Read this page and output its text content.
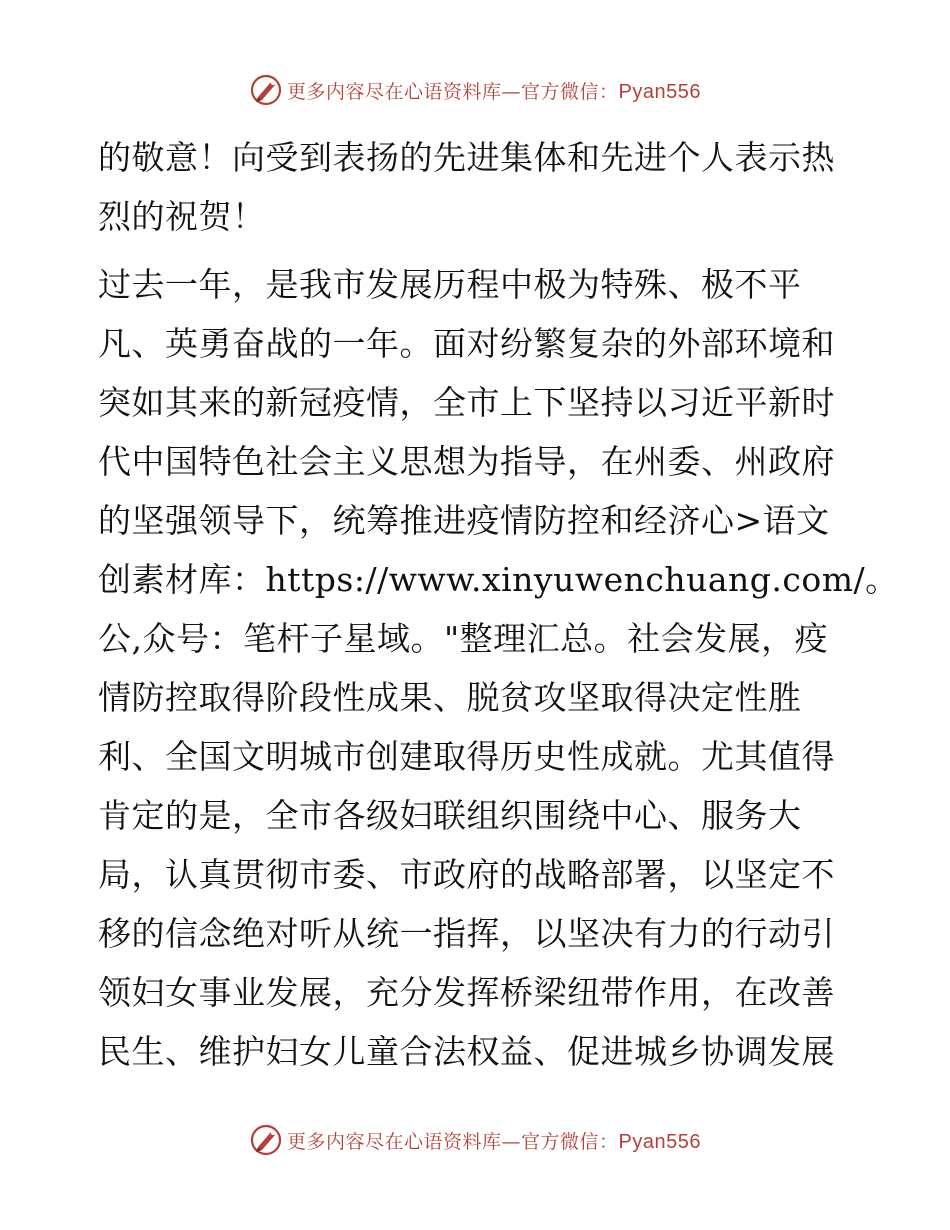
更多内容尽在心语资料库—官方微信：Pyan556

的敬意！向受到表扬的先进集体和先进个人表示热
烈的祝贺！

过去一年，是我市发展历程中极为特殊、极不平
凡、英勇奋战的一年。面对纷繁复杂的外部环境和
突如其来的新冠疫情，全市上下坚持以习近平新时
代中国特色社会主义思想为指导，在州委、州政府
的坚强领导下，统筹推进疫情防控和经济心>语文
创素材库：https://www.xinyuwenchuang.com/。
公,众号：笔杆子星域。"整理汇总。社会发展，疫
情防控取得阶段性成果、脱贫攻坚取得决定性胜
利、全国文明城市创建取得历史性成就。尤其值得
肯定的是，全市各级妇联组织围绕中心、服务大
局，认真贯彻市委、市政府的战略部署，以坚定不
移的信念绝对听从统一指挥，以坚决有力的行动引
领妇女事业发展，充分发挥桥梁纽带作用，在改善
民生、维护妇女儿童合法权益、促进城乡协调发展

更多内容尽在心语资料库—官方微信：Pyan556
